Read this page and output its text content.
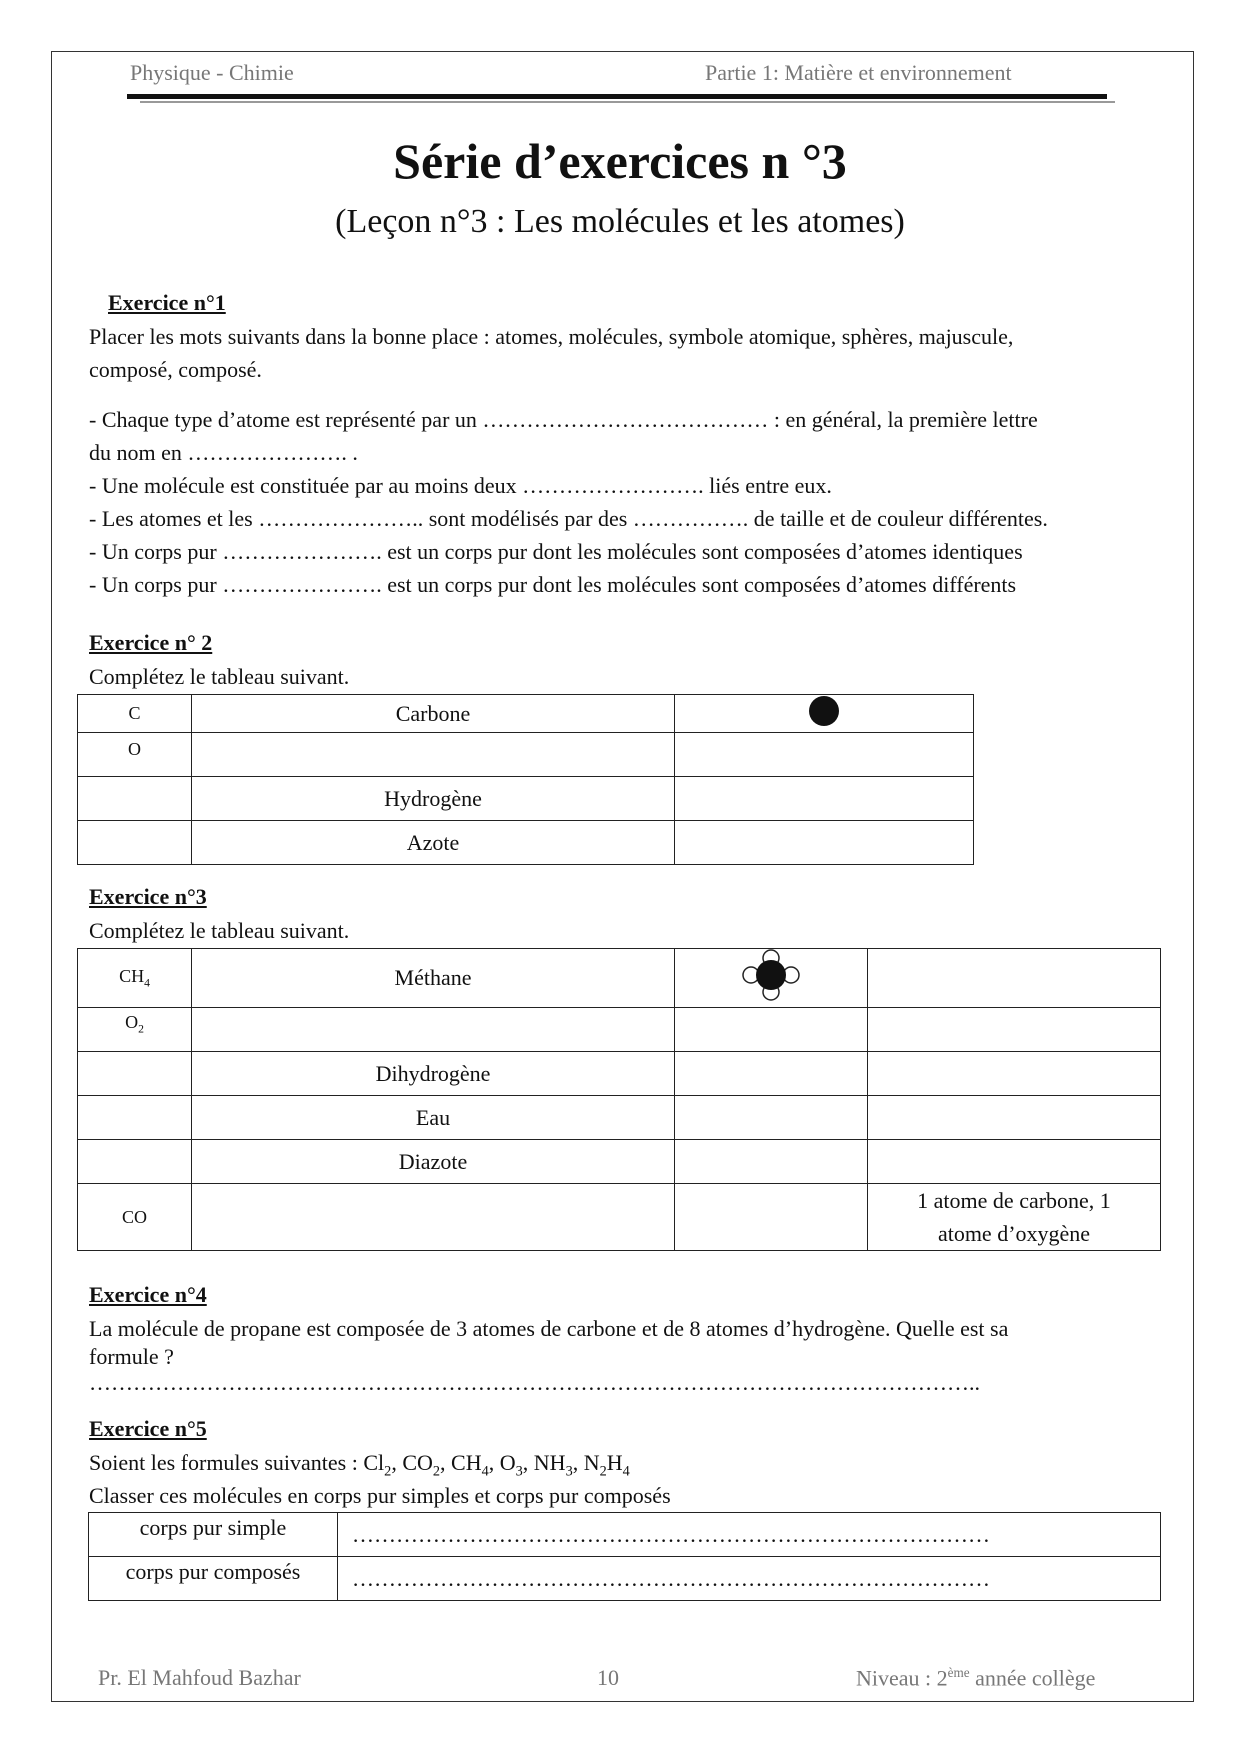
Physique - Chimie	Partie 1: Matière et environnement
Série d’exercices n °3
(Leçon n°3 : Les molécules et les atomes)
Exercice n°1
Placer les mots suivants dans la bonne place : atomes, molécules, symbole atomique, sphères, majuscule,
composé, composé.
- Chaque type d’atome est représenté par un ………………………………… : en général, la première lettre
du nom en …………………. .
- Une molécule est constituée par au moins deux ……………………. liés entre eux.
- Les atomes et les ………………….. sont modélisés par des ……………. de taille et de couleur différentes.
- Un corps pur …………………. est un corps pur dont les molécules sont composées d’atomes identiques
- Un corps pur …………………. est un corps pur dont les molécules sont composées d’atomes différents
Exercice n° 2
Complétez le tableau suivant.
C	Carbone	
O		
	Hydrogène	
	Azote	
Exercice n°3
Complétez le tableau suivant.
$CH_4$	Méthane		
$O_2$			
	Dihydrogène		
	Eau		
	Diazote		
CO			1 atome de carbone, 1 atome d’oxygène
Exercice n°4
La molécule de propane est composée de 3 atomes de carbone et de 8 atomes d’hydrogène. Quelle est sa
formule ?
…………………………………………………………………………………………………………..
Exercice n°5
Soient les formules suivantes : $Cl_2$, $CO_2$, $CH_4$, $O_3$, $NH_3$, $N_2H_4$
Classer ces molécules en corps pur simples et corps pur composés
corps pur simple	……………………………………………………………………………
corps pur composés	……………………………………………………………………………
Pr. El Mahfoud Bazhar	10	Niveau : 2ème année collège
